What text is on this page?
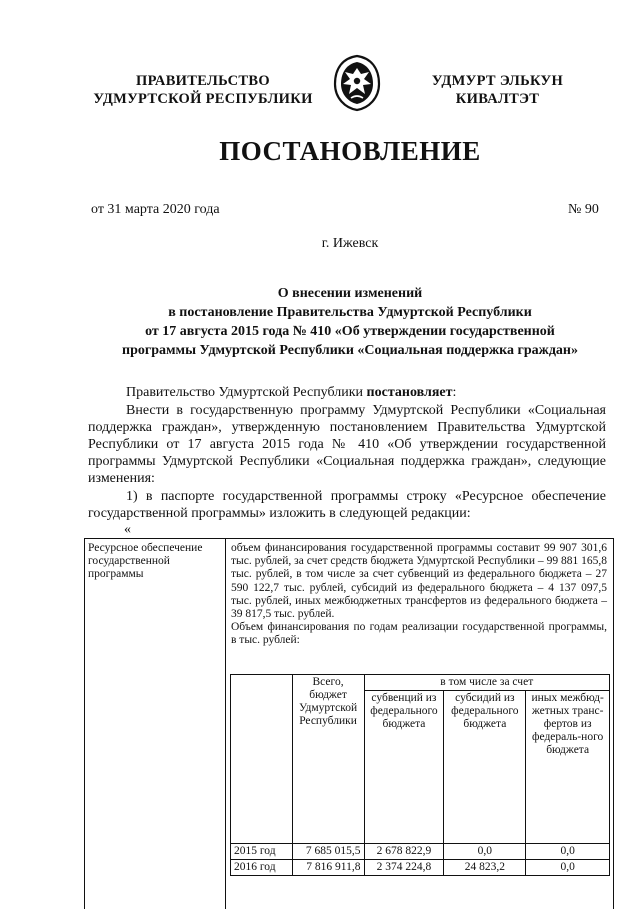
ПРАВИТЕЛЬСТВО
УДМУРТСКОЙ РЕСПУБЛИКИ
УДМУРТ ЭЛЬКУН
КИВАЛТЭТ
ПОСТАНОВЛЕНИЕ
от 31 марта 2020 года	№ 90
г. Ижевск
О внесении изменений
в постановление Правительства Удмуртской Республики
от 17 августа 2015 года № 410 «Об утверждении государственной
программы Удмуртской Республики «Социальная поддержка граждан»
Правительство Удмуртской Республики постановляет:
Внести в государственную программу Удмуртской Республики «Социальная поддержка граждан», утвержденную постановлением Правительства Удмуртской Республики от 17 августа 2015 года № 410 «Об утверждении государственной программы Удмуртской Республики «Социальная поддержка граждан», следующие изменения:
1) в паспорте государственной программы строку «Ресурсное обеспечение государственной программы» изложить в следующей редакции:
«
Ресурсное обеспечение государственной программы
объем финансирования государственной программы составит 99 907 301,6 тыс. рублей, за счет средств бюджета Удмуртской Республики – 99 881 165,8 тыс. рублей, в том числе за счет субвенций из федерального бюджета – 27 590 122,7 тыс. рублей, субсидий из федерального бюджета – 4 137 097,5 тыс. рублей, иных межбюджетных трансфертов из федерального бюджета – 39 817,5 тыс. рублей.
Объем финансирования по годам реализации государственной программы, в тыс. рублей:
	Всего, бюджет Удмуртской Республики	в том числе за счет		
		субвенций из федерального бюджета	субсидий из федерального бюджета	иных межбюд-жетных транс-фертов из федераль-ного бюджета
2015 год	7 685 015,5	2 678 822,9	0,0	0,0
2016 год	7 816 911,8	2 374 224,8	24 823,2	0,0
